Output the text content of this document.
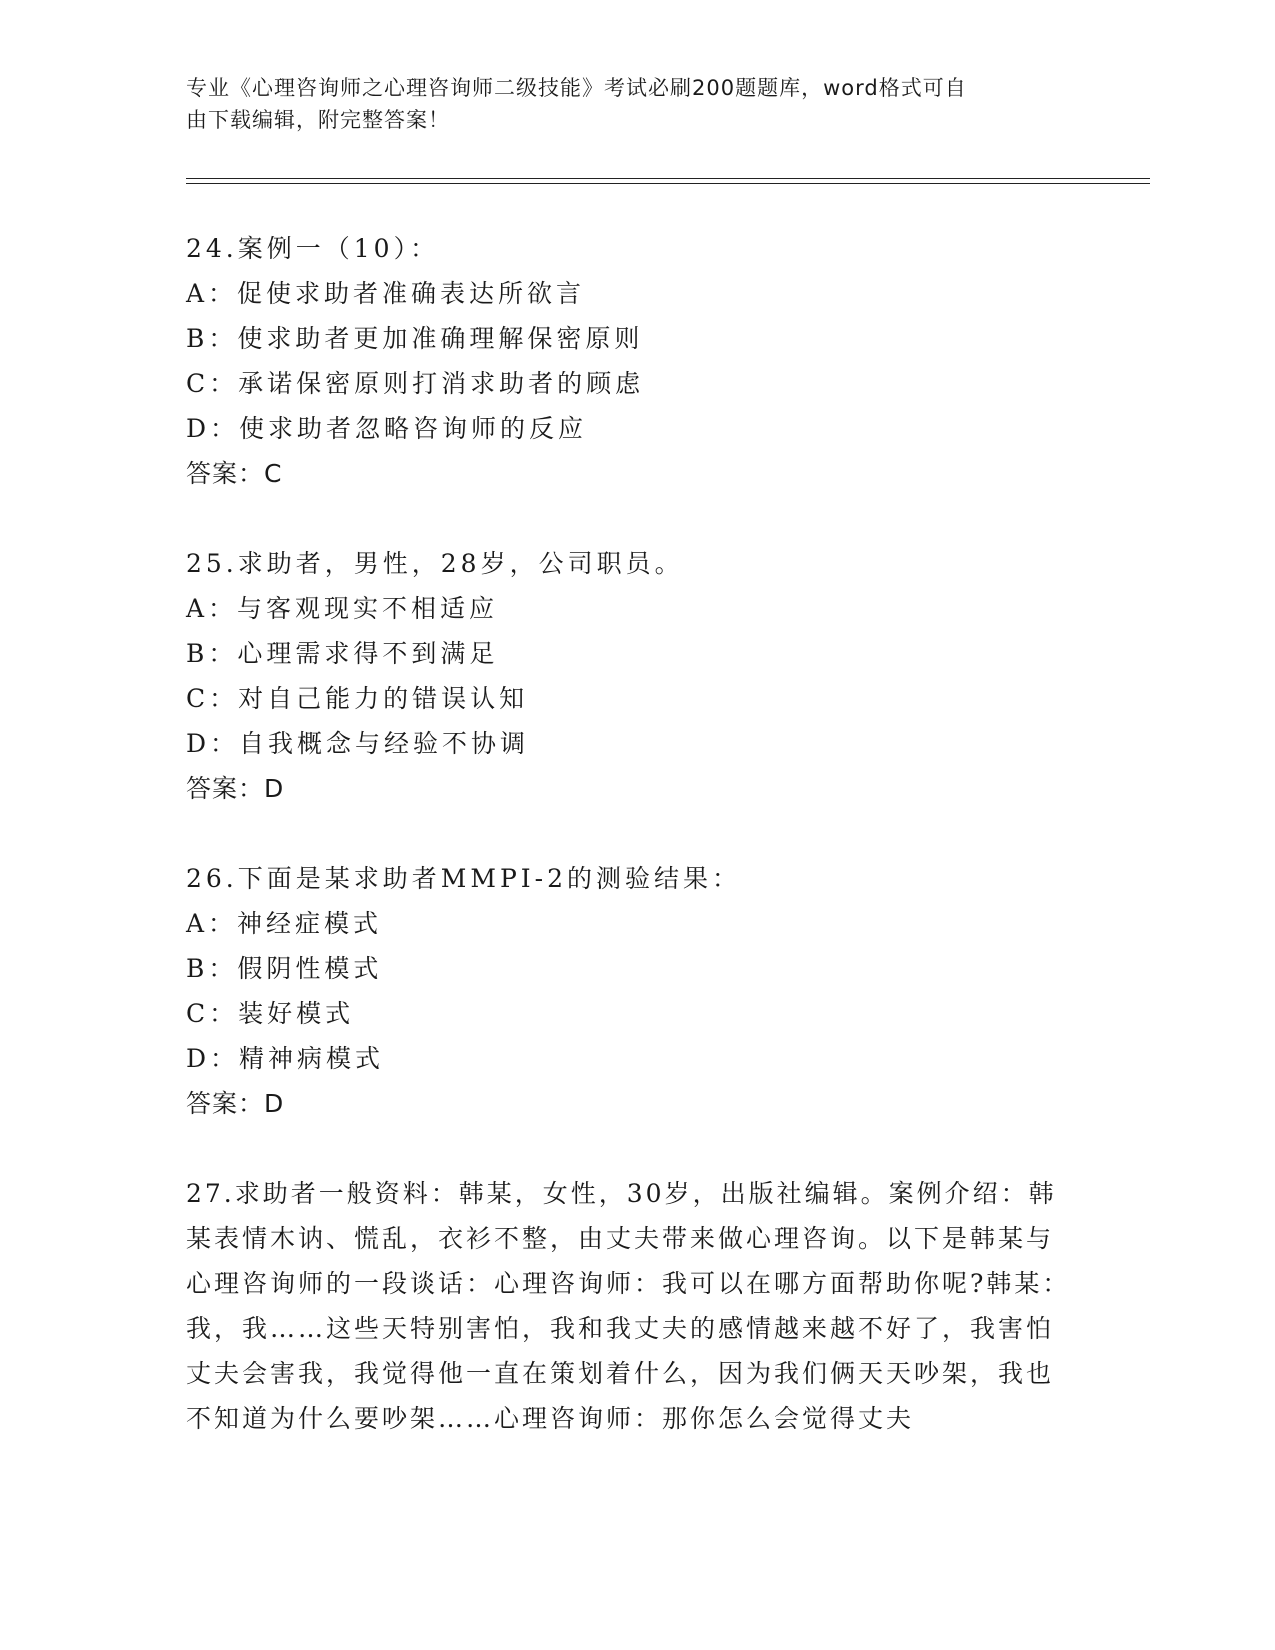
专业《心理咨询师之心理咨询师二级技能》考试必刷200题题库，word格式可自
由下载编辑，附完整答案！
24.案例一（10）：
A：促使求助者准确表达所欲言
B：使求助者更加准确理解保密原则
C：承诺保密原则打消求助者的顾虑
D：使求助者忽略咨询师的反应
答案：C
25.求助者，男性，28岁，公司职员。
A：与客观现实不相适应
B：心理需求得不到满足
C：对自己能力的错误认知
D：自我概念与经验不协调
答案：D
26.下面是某求助者MMPI-2的测验结果：
A：神经症模式
B：假阴性模式
C：装好模式
D：精神病模式
答案：D
27.求助者一般资料：韩某，女性，30岁，出版社编辑。案例介绍：韩某表情木讷、慌乱，衣衫不整，由丈夫带来做心理咨询。以下是韩某与心理咨询师的一段谈话：心理咨询师：我可以在哪方面帮助你呢?韩某：我，我……这些天特别害怕，我和我丈夫的感情越来越不好了，我害怕丈夫会害我，我觉得他一直在策划着什么，因为我们俩天天吵架，我也不知道为什么要吵架……心理咨询师：那你怎么会觉得丈夫
